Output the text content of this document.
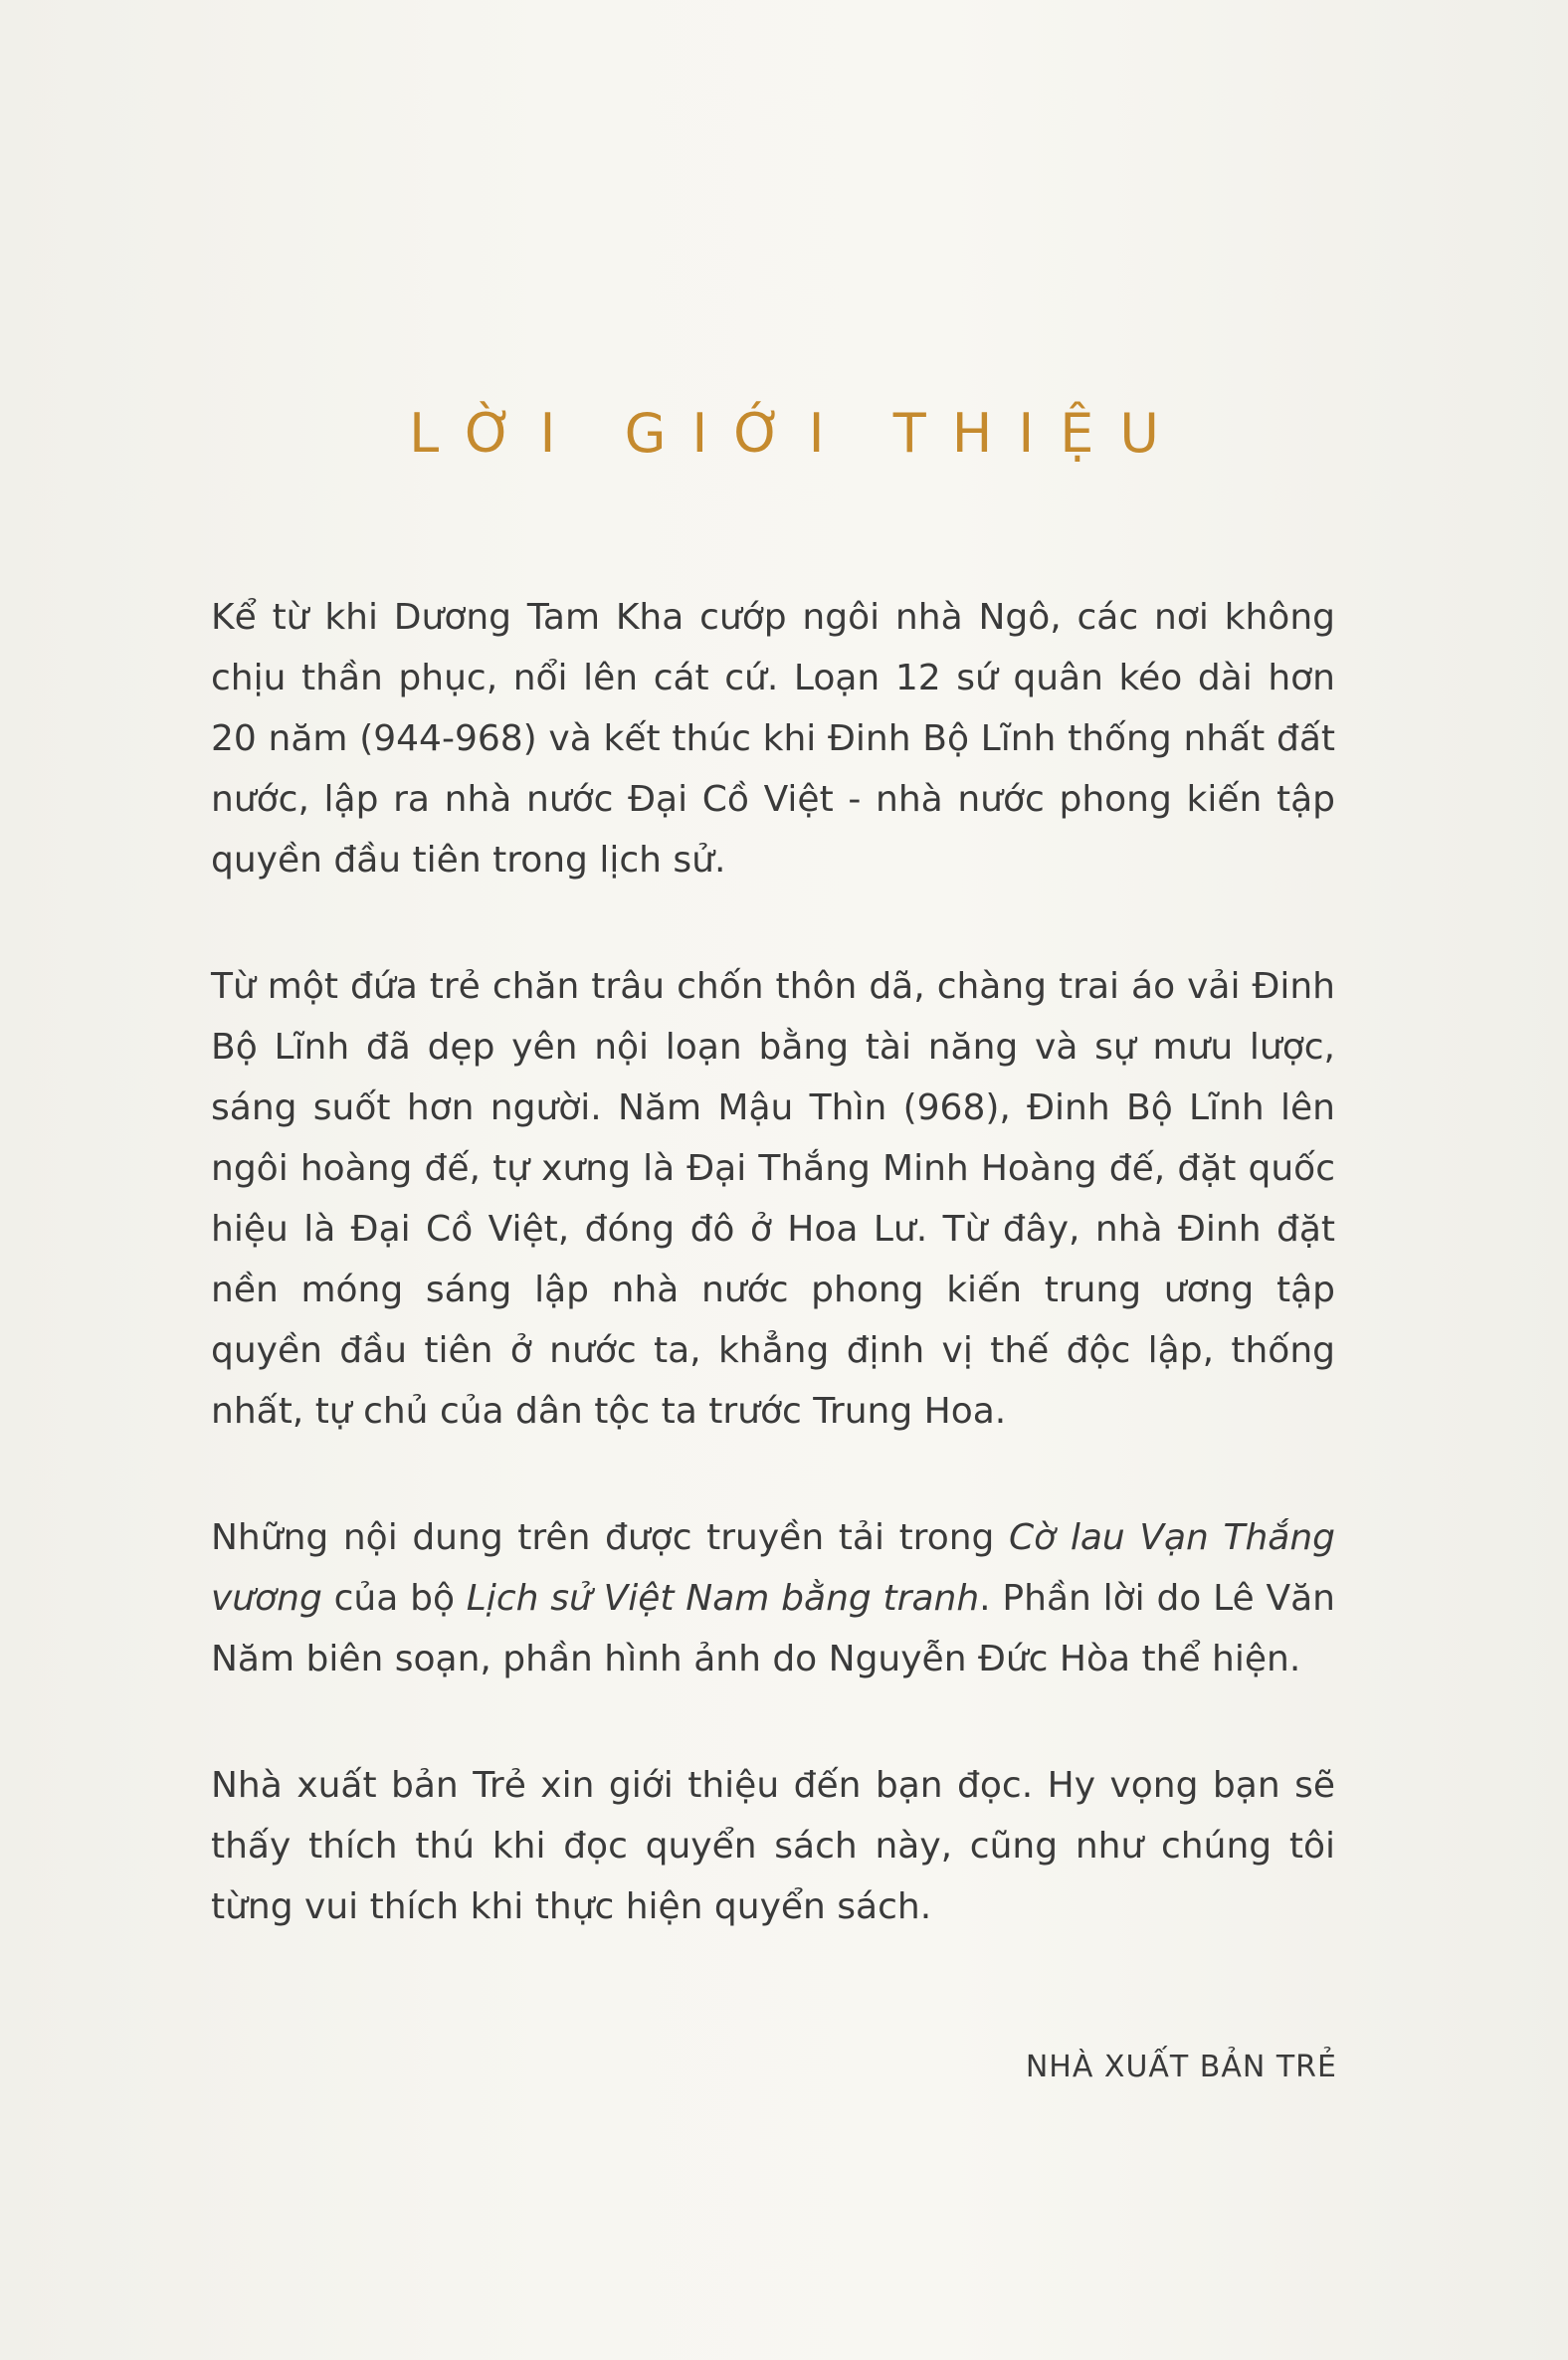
LỜI GIỚI THIỆU

Kể từ khi Dương Tam Kha cướp ngôi nhà Ngô, các nơi không chịu thần phục, nổi lên cát cứ. Loạn 12 sứ quân kéo dài hơn 20 năm (944-968) và kết thúc khi Đinh Bộ Lĩnh thống nhất đất nước, lập ra nhà nước Đại Cồ Việt - nhà nước phong kiến tập quyền đầu tiên trong lịch sử.

Từ một đứa trẻ chăn trâu chốn thôn dã, chàng trai áo vải Đinh Bộ Lĩnh đã dẹp yên nội loạn bằng tài năng và sự mưu lược, sáng suốt hơn người. Năm Mậu Thìn (968), Đinh Bộ Lĩnh lên ngôi hoàng đế, tự xưng là Đại Thắng Minh Hoàng đế, đặt quốc hiệu là Đại Cồ Việt, đóng đô ở Hoa Lư. Từ đây, nhà Đinh đặt nền móng sáng lập nhà nước phong kiến trung ương tập quyền đầu tiên ở nước ta, khẳng định vị thế độc lập, thống nhất, tự chủ của dân tộc ta trước Trung Hoa.

Những nội dung trên được truyền tải trong Cờ lau Vạn Thắng vương của bộ Lịch sử Việt Nam bằng tranh. Phần lời do Lê Văn Năm biên soạn, phần hình ảnh do Nguyễn Đức Hòa thể hiện.

Nhà xuất bản Trẻ xin giới thiệu đến bạn đọc. Hy vọng bạn sẽ thấy thích thú khi đọc quyển sách này, cũng như chúng tôi từng vui thích khi thực hiện quyển sách.

NHÀ XUẤT BẢN TRẺ
